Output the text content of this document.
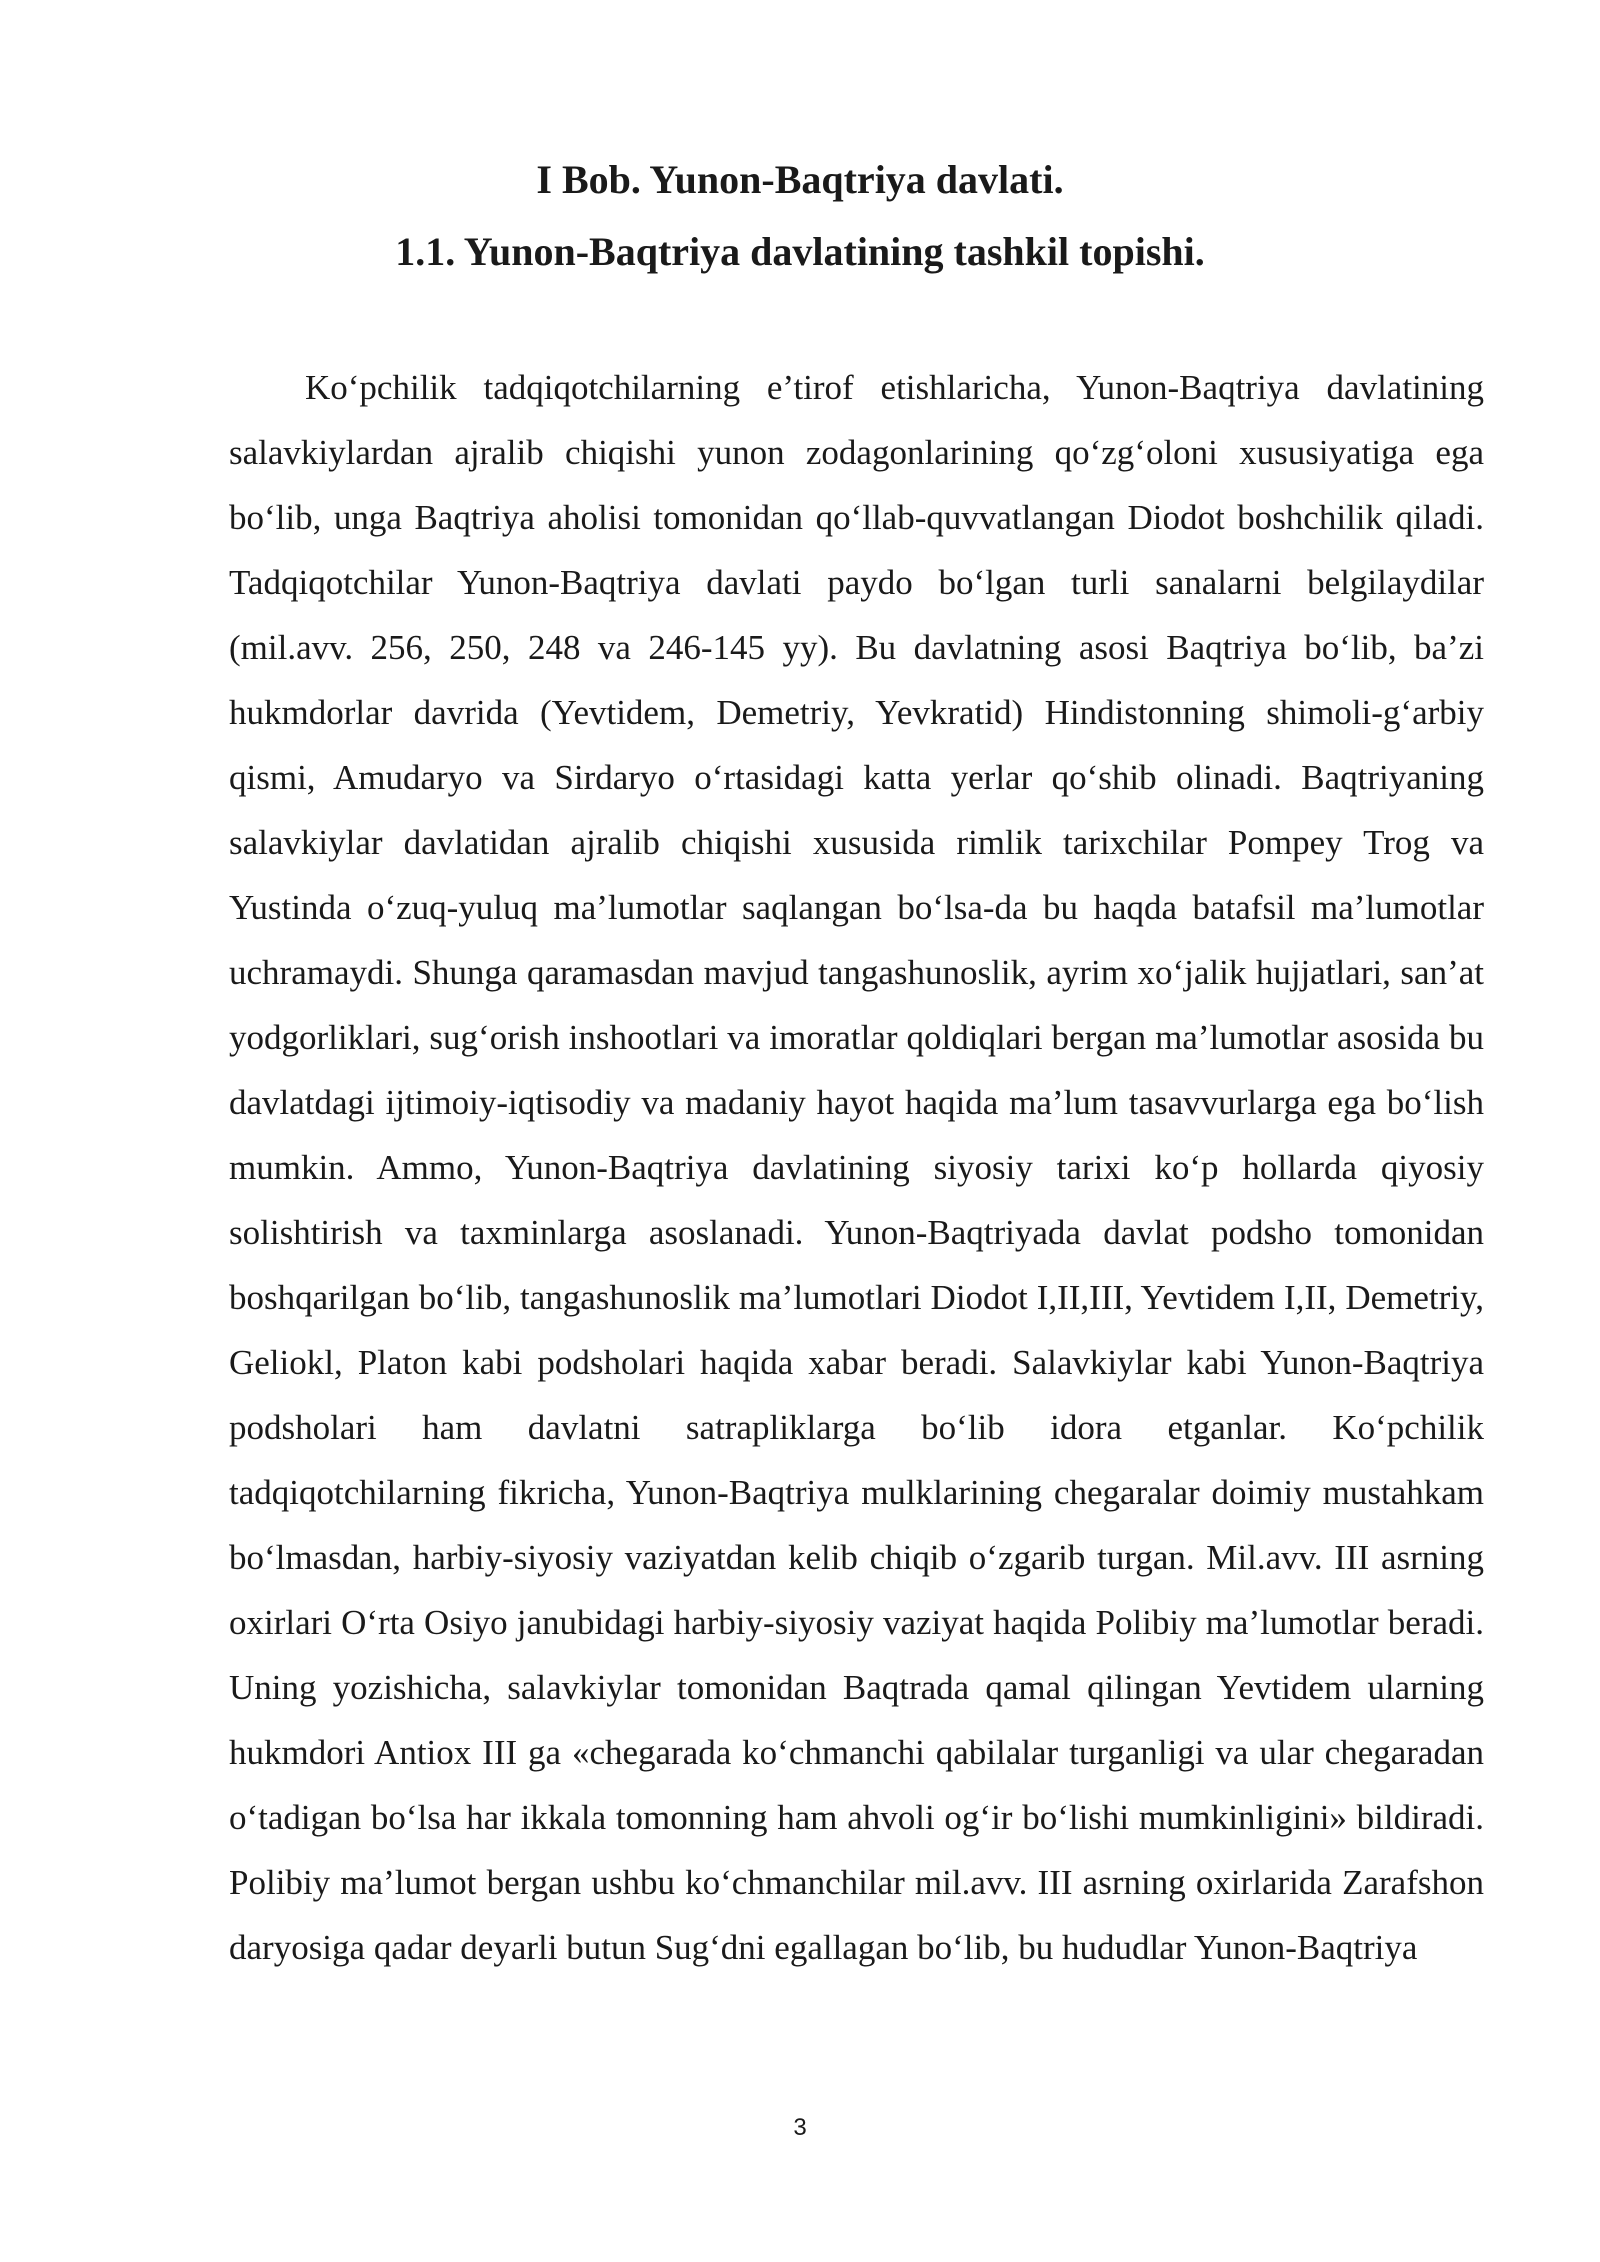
I Bob. Yunon-Baqtriya davlati.
1.1. Yunon-Baqtriya davlatining tashkil topishi.

Ko‘pchilik tadqiqotchilarning e’tirof etishlaricha, Yunon-Baqtriya davlatining salavkiylardan ajralib chiqishi yunon zodagonlarining qo‘zg‘oloni xususiyatiga ega bo‘lib, unga Baqtriya aholisi tomonidan qo‘llab-quvvatlangan Diodot boshchilik qiladi. Tadqiqotchilar Yunon-Baqtriya davlati paydo bo‘lgan turli sanalarni belgilaydilar (mil.avv. 256, 250, 248 va 246-145 yy). Bu davlatning asosi Baqtriya bo‘lib, ba’zi hukmdorlar davrida (Yevtidem, Demetriy, Yevkratid) Hindistonning shimoli-g‘arbiy qismi, Amudaryo va Sirdaryo o‘rtasidagi katta yerlar qo‘shib olinadi. Baqtriyaning salavkiylar davlatidan ajralib chiqishi xususida rimlik tarixchilar Pompey Trog va Yustinda o‘zuq-yuluq ma’lumotlar saqlangan bo‘lsa-da bu haqda batafsil ma’lumotlar uchramaydi. Shunga qaramasdan mavjud tangashunoslik, ayrim xo‘jalik hujjatlari, san’at yodgorliklari, sug‘orish inshootlari va imoratlar qoldiqlari bergan ma’lumotlar asosida bu davlatdagi ijtimoiy-iqtisodiy va madaniy hayot haqida ma’lum tasavvurlarga ega bo‘lish mumkin. Ammo, Yunon-Baqtriya davlatining siyosiy tarixi ko‘p hollarda qiyosiy solishtirish va taxminlarga asoslanadi. Yunon-Baqtriyada davlat podsho tomonidan boshqarilgan bo‘lib, tangashunoslik ma’lumotlari Diodot I,II,III, Yevtidem I,II, Demetriy, Geliokl, Platon kabi podsholari haqida xabar beradi. Salavkiylar kabi Yunon-Baqtriya podsholari ham davlatni satrapliklarga bo‘lib idora etganlar. Ko‘pchilik tadqiqotchilarning fikricha, Yunon-Baqtriya mulklarining chegaralar doimiy mustahkam bo‘lmasdan, harbiy-siyosiy vaziyatdan kelib chiqib o‘zgarib turgan. Mil.avv. III asrning oxirlari O‘rta Osiyo janubidagi harbiy-siyosiy vaziyat haqida Polibiy ma’lumotlar beradi. Uning yozishicha, salavkiylar tomonidan Baqtrada qamal qilingan Yevtidem ularning hukmdori Antiox III ga «chegarada ko‘chmanchi qabilalar turganligi va ular chegaradan o‘tadigan bo‘lsa har ikkala tomonning ham ahvoli og‘ir bo‘lishi mumkinligini» bildiradi. Polibiy ma’lumot bergan ushbu ko‘chmanchilar mil.avv. III asrning oxirlarida Zarafshon daryosiga qadar deyarli butun Sug‘dni egallagan bo‘lib, bu hududlar Yunon-Baqtriya

3
